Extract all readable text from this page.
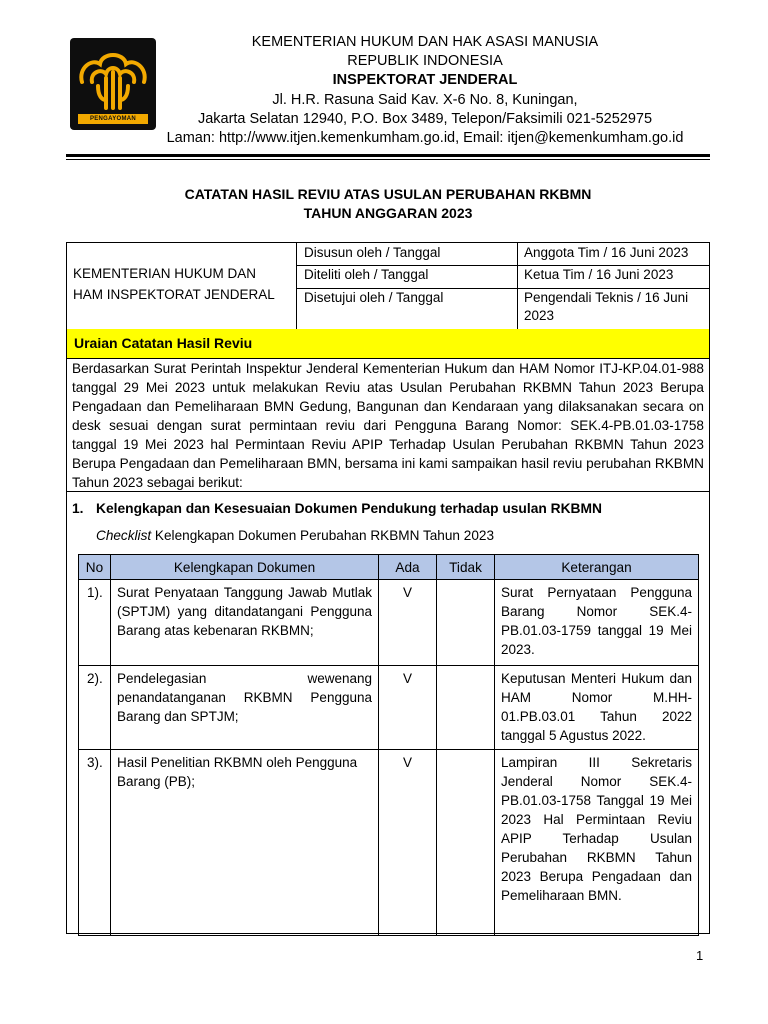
PENGAYOMAN
KEMENTERIAN HUKUM DAN HAK ASASI MANUSIA
REPUBLIK INDONESIA
INSPEKTORAT JENDERAL
Jl. H.R. Rasuna Said Kav. X-6 No. 8, Kuningan,
Jakarta Selatan 12940, P.O. Box 3489, Telepon/Faksimili 021-5252975
Laman: http://www.itjen.kemenkumham.go.id, Email: itjen@kemenkumham.go.id
CATATAN HASIL REVIU ATAS USULAN PERUBAHAN RKBMN
TAHUN ANGGARAN 2023
KEMENTERIAN HUKUM DAN
HAM INSPEKTORAT JENDERAL
Disusun oleh / Tanggal	Anggota Tim / 16 Juni 2023
Diteliti oleh / Tanggal	Ketua Tim / 16 Juni 2023
Disetujui oleh / Tanggal	Pengendali Teknis / 16 Juni
2023
Uraian Catatan Hasil Reviu
Berdasarkan Surat Perintah Inspektur Jenderal Kementerian Hukum dan HAM Nomor ITJ-KP.04.01-988 tanggal 29 Mei 2023 untuk melakukan Reviu atas Usulan Perubahan RKBMN Tahun 2023 Berupa Pengadaan dan Pemeliharaan BMN Gedung, Bangunan dan Kendaraan yang dilaksanakan secara on desk sesuai dengan surat permintaan reviu dari Pengguna Barang Nomor: SEK.4-PB.01.03-1758 tanggal 19 Mei 2023 hal Permintaan Reviu APIP Terhadap Usulan Perubahan RKBMN Tahun 2023 Berupa Pengadaan dan Pemeliharaan BMN, bersama ini kami sampaikan hasil reviu perubahan RKBMN Tahun 2023 sebagai berikut:
1. Kelengkapan dan Kesesuaian Dokumen Pendukung terhadap usulan RKBMN
Checklist Kelengkapan Dokumen Perubahan RKBMN Tahun 2023
No	Kelengkapan Dokumen	Ada	Tidak	Keterangan
1).	Surat Penyataan Tanggung Jawab Mutlak (SPTJM) yang ditandatangani Pengguna Barang atas kebenaran RKBMN;	V		Surat Pernyataan Pengguna Barang Nomor SEK.4-PB.01.03-1759 tanggal 19 Mei 2023.
2).	Pendelegasian wewenang penandatanganan RKBMN Pengguna Barang dan SPTJM;	V		Keputusan Menteri Hukum dan HAM Nomor M.HH-01.PB.03.01 Tahun 2022 tanggal 5 Agustus 2022.
3).	Hasil Penelitian RKBMN oleh Pengguna Barang (PB);	V		Lampiran III Sekretaris Jenderal Nomor SEK.4-PB.01.03-1758 Tanggal 19 Mei 2023 Hal Permintaan Reviu APIP Terhadap Usulan Perubahan RKBMN Tahun 2023 Berupa Pengadaan dan Pemeliharaan BMN.
1
